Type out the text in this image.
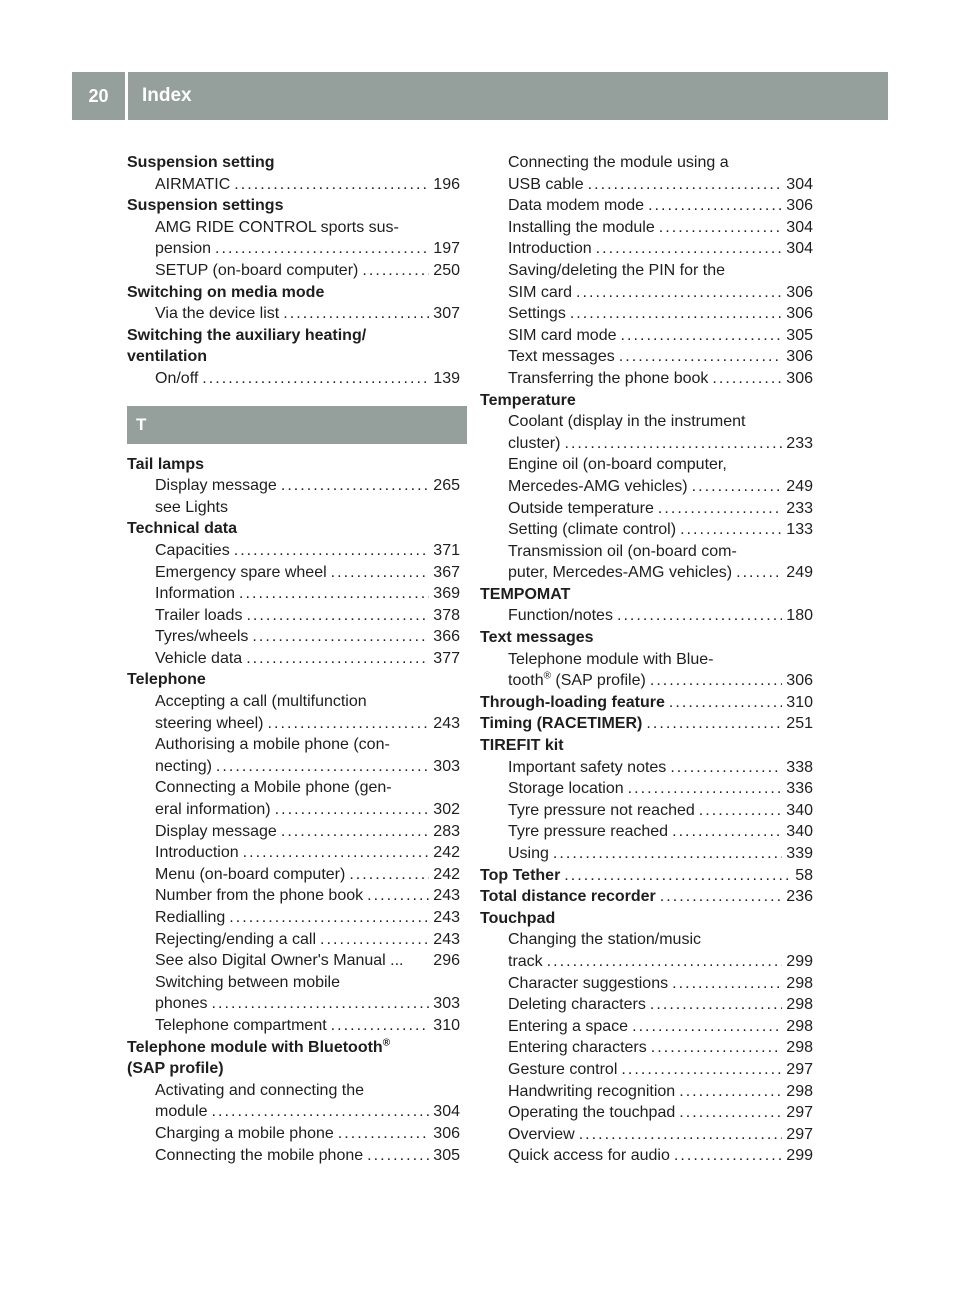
20	Index
Suspension setting
AIRMATIC . . .	196
Suspension settings
AMG RIDE CONTROL sports sus-
pension . . .	197
SETUP (on-board computer) . . .	250
Switching on media mode
Via the device list . . .	307
Switching the auxiliary heating/
ventilation
On/off . . .	139
T
Tail lamps
Display message . . .	265
see Lights
Technical data
Capacities . . .	371
Emergency spare wheel . . .	367
Information . . .	369
Trailer loads . . .	378
Tyres/wheels . . .	366
Vehicle data . . .	377
Telephone
Accepting a call (multifunction
steering wheel) . . .	243
Authorising a mobile phone (con-
necting) . . .	303
Connecting a Mobile phone (gen-
eral information) . . .	302
Display message . . .	283
Introduction . . .	242
Menu (on-board computer) . . .	242
Number from the phone book . . .	243
Redialling . . .	243
Rejecting/ending a call . . .	243
See also Digital Owner's Manual ... 296
Switching between mobile
phones . . .	303
Telephone compartment . . .	310
Telephone module with Bluetooth®
(SAP profile)
Activating and connecting the
module . . .	304
Charging a mobile phone . . .	306
Connecting the mobile phone . . .	305
Connecting the module using a
USB cable . . .	304
Data modem mode . . .	306
Installing the module . . .	304
Introduction . . .	304
Saving/deleting the PIN for the
SIM card . . .	306
Settings . . .	306
SIM card mode . . .	305
Text messages . . .	306
Transferring the phone book . . .	306
Temperature
Coolant (display in the instrument
cluster) . . .	233
Engine oil (on-board computer,
Mercedes-AMG vehicles) . . .	249
Outside temperature . . .	233
Setting (climate control) . . .	133
Transmission oil (on-board com-
puter, Mercedes-AMG vehicles) . . .	249
TEMPOMAT
Function/notes . . .	180
Text messages
Telephone module with Blue-
tooth® (SAP profile) . . .	306
Through-loading feature . . .	310
Timing (RACETIMER) . . .	251
TIREFIT kit
Important safety notes . . .	338
Storage location . . .	336
Tyre pressure not reached . . .	340
Tyre pressure reached . . .	340
Using . . .	339
Top Tether . . .	58
Total distance recorder . . .	236
Touchpad
Changing the station/music
track . . .	299
Character suggestions . . .	298
Deleting characters . . .	298
Entering a space . . .	298
Entering characters . . .	298
Gesture control . . .	297
Handwriting recognition . . .	298
Operating the touchpad . . .	297
Overview . . .	297
Quick access for audio . . .	299
